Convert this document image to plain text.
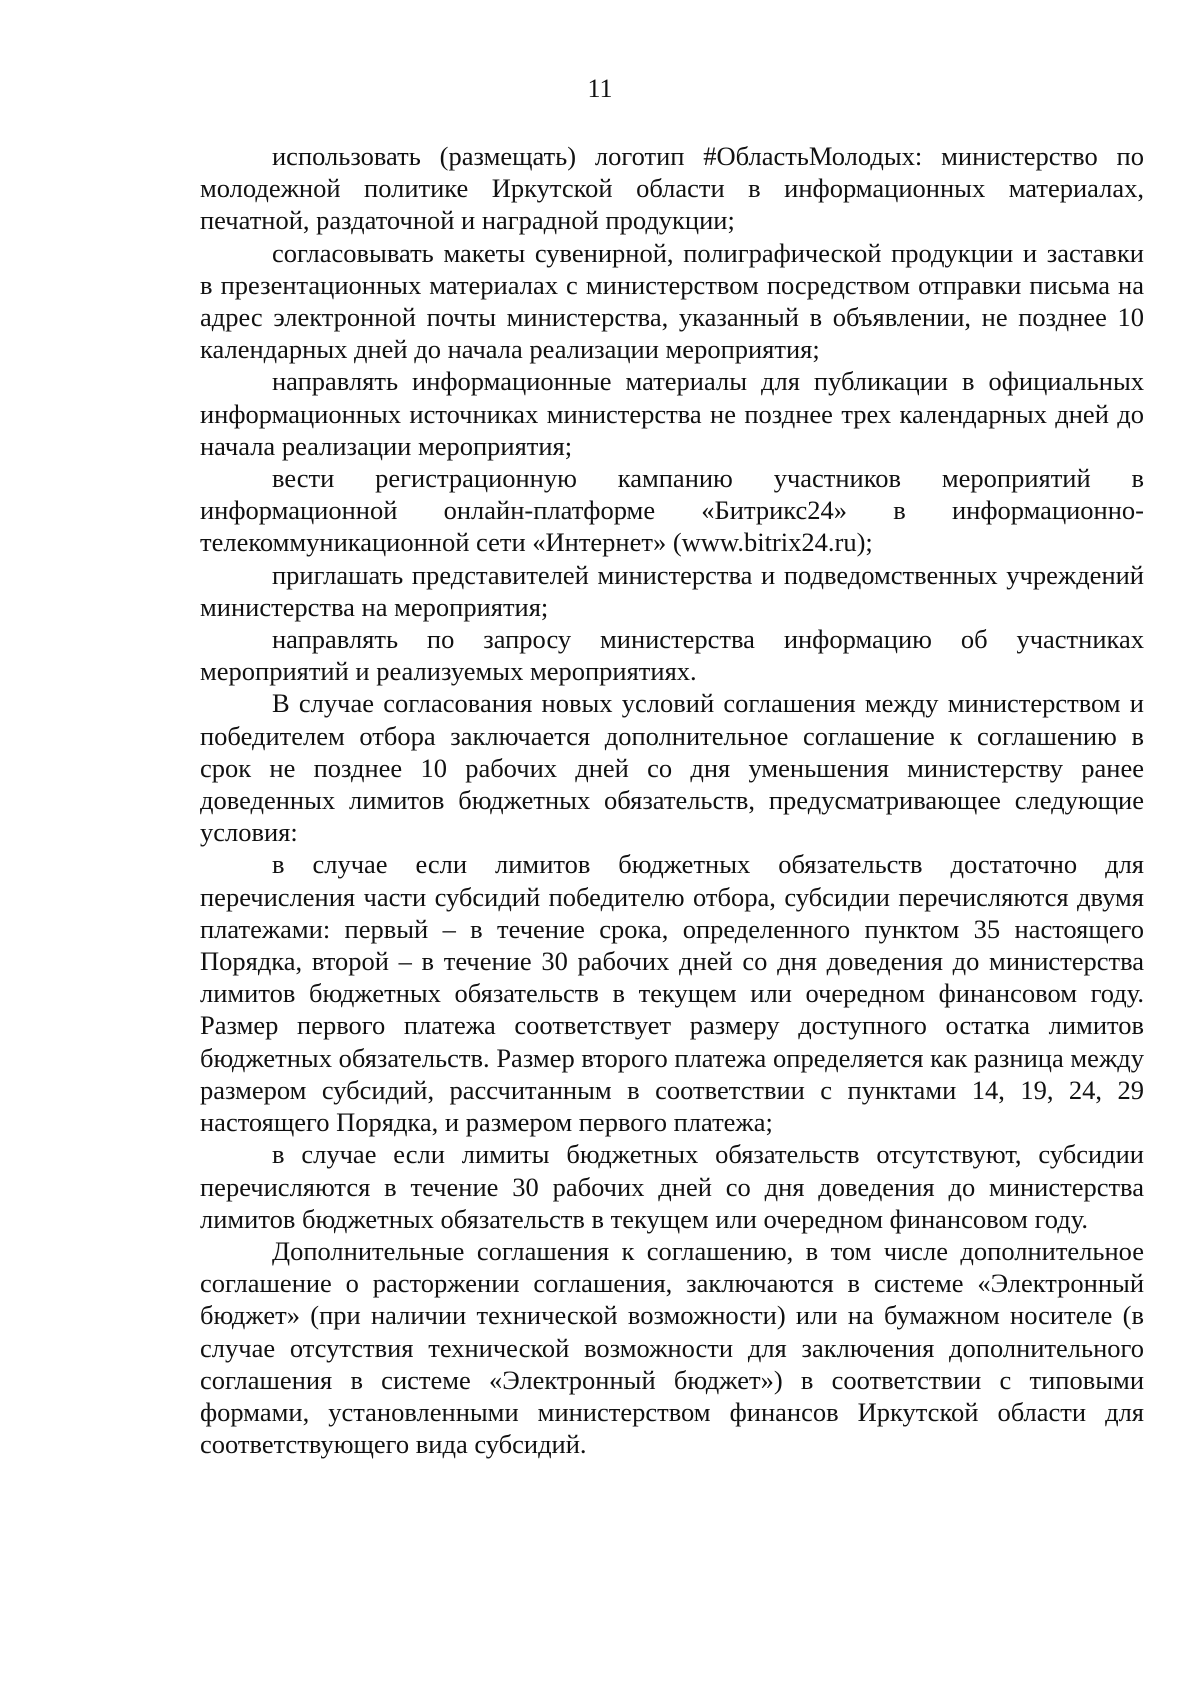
11

использовать (размещать) логотип #ОбластьМолодых: министерство по молодежной политике Иркутской области в информационных материалах, печатной, раздаточной и наградной продукции;

согласовывать макеты сувенирной, полиграфической продукции и заставки в презентационных материалах с министерством посредством отправки письма на адрес электронной почты министерства, указанный в объявлении, не позднее 10 календарных дней до начала реализации мероприятия;

направлять информационные материалы для публикации в официальных информационных источниках министерства не позднее трех календарных дней до начала реализации мероприятия;

вести регистрационную кампанию участников мероприятий в информационной онлайн-платформе «Битрикс24» в информационно-телекоммуникационной сети «Интернет» (www.bitrix24.ru);

приглашать представителей министерства и подведомственных учреждений министерства на мероприятия;

направлять по запросу министерства информацию об участниках мероприятий и реализуемых мероприятиях.

В случае согласования новых условий соглашения между министерством и победителем отбора заключается дополнительное соглашение к соглашению в срок не позднее 10 рабочих дней со дня уменьшения министерству ранее доведенных лимитов бюджетных обязательств, предусматривающее следующие условия:

в случае если лимитов бюджетных обязательств достаточно для перечисления части субсидий победителю отбора, субсидии перечисляются двумя платежами: первый – в течение срока, определенного пунктом 35 настоящего Порядка, второй – в течение 30 рабочих дней со дня доведения до министерства лимитов бюджетных обязательств в текущем или очередном финансовом году. Размер первого платежа соответствует размеру доступного остатка лимитов бюджетных обязательств. Размер второго платежа определяется как разница между размером субсидий, рассчитанным в соответствии с пунктами 14, 19, 24, 29 настоящего Порядка, и размером первого платежа;

в случае если лимиты бюджетных обязательств отсутствуют, субсидии перечисляются в течение 30 рабочих дней со дня доведения до министерства лимитов бюджетных обязательств в текущем или очередном финансовом году.

Дополнительные соглашения к соглашению, в том числе дополнительное соглашение о расторжении соглашения, заключаются в системе «Электронный бюджет» (при наличии технической возможности) или на бумажном носителе (в случае отсутствия технической возможности для заключения дополнительного соглашения в системе «Электронный бюджет») в соответствии с типовыми формами, установленными министерством финансов Иркутской области для соответствующего вида субсидий.
